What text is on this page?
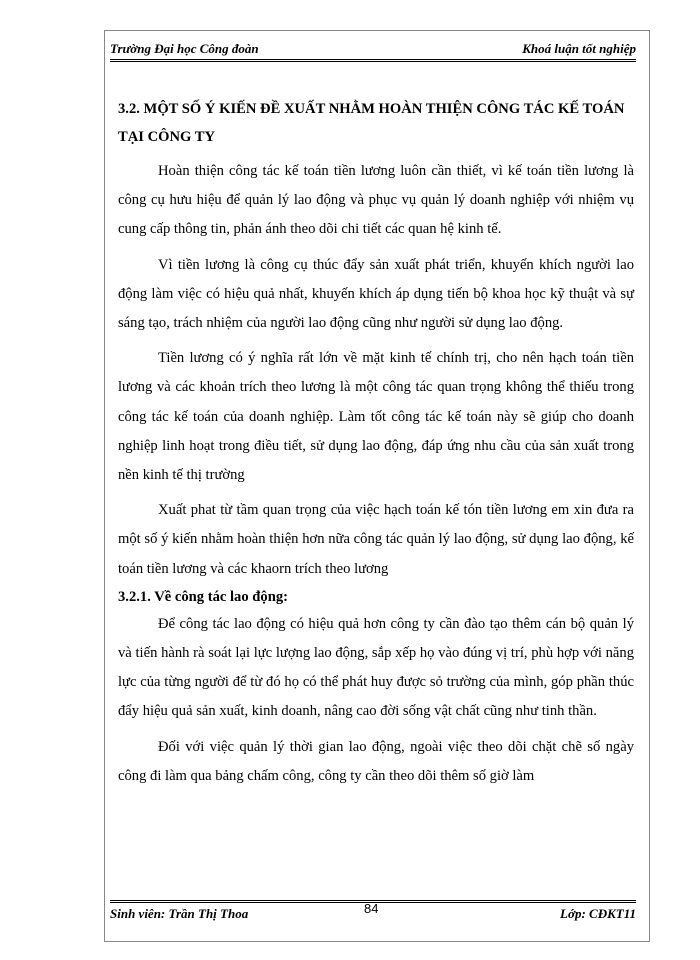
Trường Đại học Công đoàn	Khoá luận tốt nghiệp
3.2. MỘT SỐ Ý KIẾN ĐỀ XUẤT NHẰM HOÀN THIỆN CÔNG TÁC KẾ TOÁN TẠI CÔNG TY

Hoàn thiện công tác kế toán tiền lương luôn cần thiết, vì kế toán tiền lương là công cụ hưu hiệu để quản lý lao động và phục vụ quản lý doanh nghiệp với nhiệm vụ cung cấp thông tin, phản ánh theo dõi chi tiết các quan hệ kinh tế.

Vì tiền lương là công cụ thúc đẩy sản xuất phát triển, khuyến khích người lao động làm việc có hiệu quả nhất, khuyến khích áp dụng tiến bộ khoa học kỹ thuật và sự sáng tạo, trách nhiệm của người lao động cũng như người sử dụng lao động.

Tiền lương có ý nghĩa rất lớn về mặt kinh tế chính trị, cho nên hạch toán tiền lương và các khoản trích theo lương là một công tác quan trọng không thể thiếu trong công tác kế toán của doanh nghiệp. Làm tốt công tác kế toán này sẽ giúp cho doanh nghiệp linh hoạt trong điều tiết, sử dụng lao động, đáp ứng nhu cầu của sản xuất trong nền kinh tế thị trường

Xuất phat từ tầm quan trọng của việc hạch toán kế tón tiền lương em xin đưa ra một số ý kiến nhằm hoàn thiện hơn nữa công tác quản lý lao động, sử dụng lao động, kế toán tiền lương và các khaorn trích theo lương

3.2.1. Về công tác lao động:

Để công tác lao động có hiệu quả hơn công ty cần đào tạo thêm cán bộ quản lý và tiến hành rà soát lại lực lượng lao động, sắp xếp họ vào đúng vị trí, phù hợp với năng lực của từng người để từ đó họ có thể phát huy được sỏ trường của mình, góp phần thúc đẩy hiệu quả sản xuất, kinh doanh, nâng cao đời sống vật chất cũng như tinh thần.

Đối với việc quản lý thời gian lao động, ngoài việc theo dõi chặt chẽ số ngày công đi làm qua bảng chấm công, công ty cần theo dõi thêm số giờ làm

Sinh viên: Trần Thị Thoa	84	Lớp: CĐKT11
